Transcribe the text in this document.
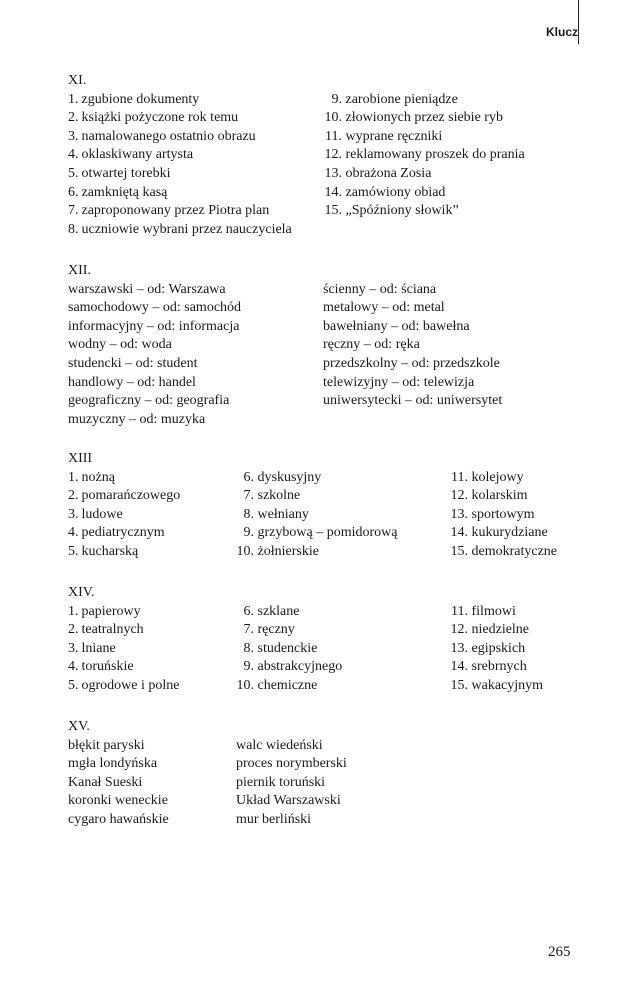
Klucz
XI.
1. zgubione dokumenty
2. książki pożyczone rok temu
3. namalowanego ostatnio obrazu
4. oklaskiwany artysta
5. otwartej torebki
6. zamkniętą kasą
7. zaproponowany przez Piotra plan
8. uczniowie wybrani przez nauczyciela
9. zarobione pieniądze
10. złowionych przez siebie ryb
11. wyprane ręczniki
12. reklamowany proszek do prania
13. obrażona Zosia
14. zamówiony obiad
15. „Spóźniony słowik”
XII.
warszawski – od: Warszawa
samochodowy – od: samochód
informacyjny – od: informacja
wodny – od: woda
studencki – od: student
handlowy – od: handel
geograficzny – od: geografia
muzyczny – od: muzyka
ścienny – od: ściana
metalowy – od: metal
bawełniany – od: bawełna
ręczny – od: ręka
przedszkolny – od: przedszkole
telewizyjny – od: telewizja
uniwersytecki – od: uniwersytet
XIII
1. nożną
2. pomarańczowego
3. ludowe
4. pediatrycznym
5. kucharską
6. dyskusyjny
7. szkolne
8. wełniany
9. grzybową – pomidorową
10. żołnierskie
11. kolejowy
12. kolarskim
13. sportowym
14. kukurydziane
15. demokratyczne
XIV.
1. papierowy
2. teatralnych
3. lniane
4. toruńskie
5. ogrodowe i polne
6. szklane
7. ręczny
8. studenckie
9. abstrakcyjnego
10. chemiczne
11. filmowi
12. niedzielne
13. egipskich
14. srebrnych
15. wakacyjnym
XV.
błękit paryski
mgła londyńska
Kanał Sueski
koronki weneckie
cygaro hawańskie
walc wiedeński
proces norymberski
piernik toruński
Układ Warszawski
mur berliński
265
